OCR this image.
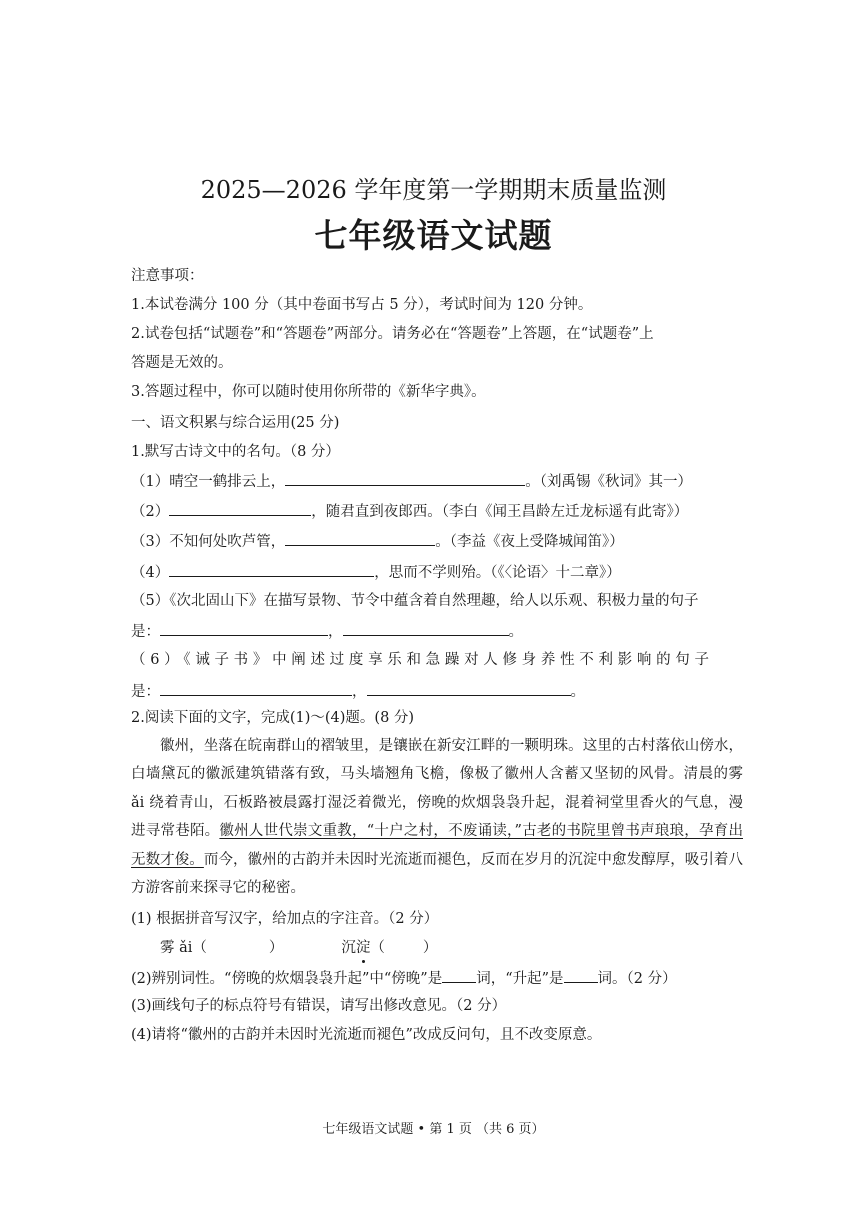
2025—2026 学年度第一学期期末质量监测
七年级语文试题
注意事项：
1.本试卷满分 100 分（其中卷面书写占 5 分），考试时间为 120 分钟。
2.试卷包括“试题卷”和“答题卷”两部分。请务必在“答题卷”上答题，在“试题卷”上
答题是无效的。
3.答题过程中，你可以随时使用你所带的《新华字典》。
一、语文积累与综合运用(25 分)
1.默写古诗文中的名句。（8 分）
（1）晴空一鹤排云上，	。（刘禹锡《秋词》其一）
（2）	，随君直到夜郎西。（李白《闻王昌龄左迁龙标遥有此寄》）
（3）不知何处吹芦管，	。（李益《夜上受降城闻笛》）
（4）	，思而不学则殆。（《〈论语〉十二章》）
（5）《次北固山下》在描写景物、节令中蕴含着自然理趣，给人以乐观、积极力量的句子
是：	，	。
（6）《诫子书》中阐述过度享乐和急躁对人修身养性不利影响的句子
是：	，	。
2.阅读下面的文字，完成(1)～(4)题。(8 分)
徽州，坐落在皖南群山的褶皱里，是镶嵌在新安江畔的一颗明珠。这里的古村落依山傍水，白墙黛瓦的徽派建筑错落有致，马头墙翘角飞檐，像极了徽州人含蓄又坚韧的风骨。清晨的雾 ǎi 绕着青山，石板路被晨露打湿泛着微光，傍晚的炊烟袅袅升起，混着祠堂里香火的气息，漫进寻常巷陌。徽州人世代崇文重教，“十户之村，不废诵读，”古老的书院里曾书声琅琅，孕育出无数才俊。而今，徽州的古韵并未因时光流逝而褪色，反而在岁月的沉淀中愈发醇厚，吸引着八方游客前来探寻它的秘密。
(1) 根据拼音写汉字，给加点的字注音。（2 分）
雾 ǎi（	）	沉淀（	）
(2)辨别词性。“傍晚的炊烟袅袅升起”中“傍晚”是 词，“升起”是 词。（2 分）
(3)画线句子的标点符号有错误，请写出修改意见。（2 分）
(4)请将“徽州的古韵并未因时光流逝而褪色”改成反问句，且不改变原意。
七年级语文试题 • 第 1 页 （共 6 页）
